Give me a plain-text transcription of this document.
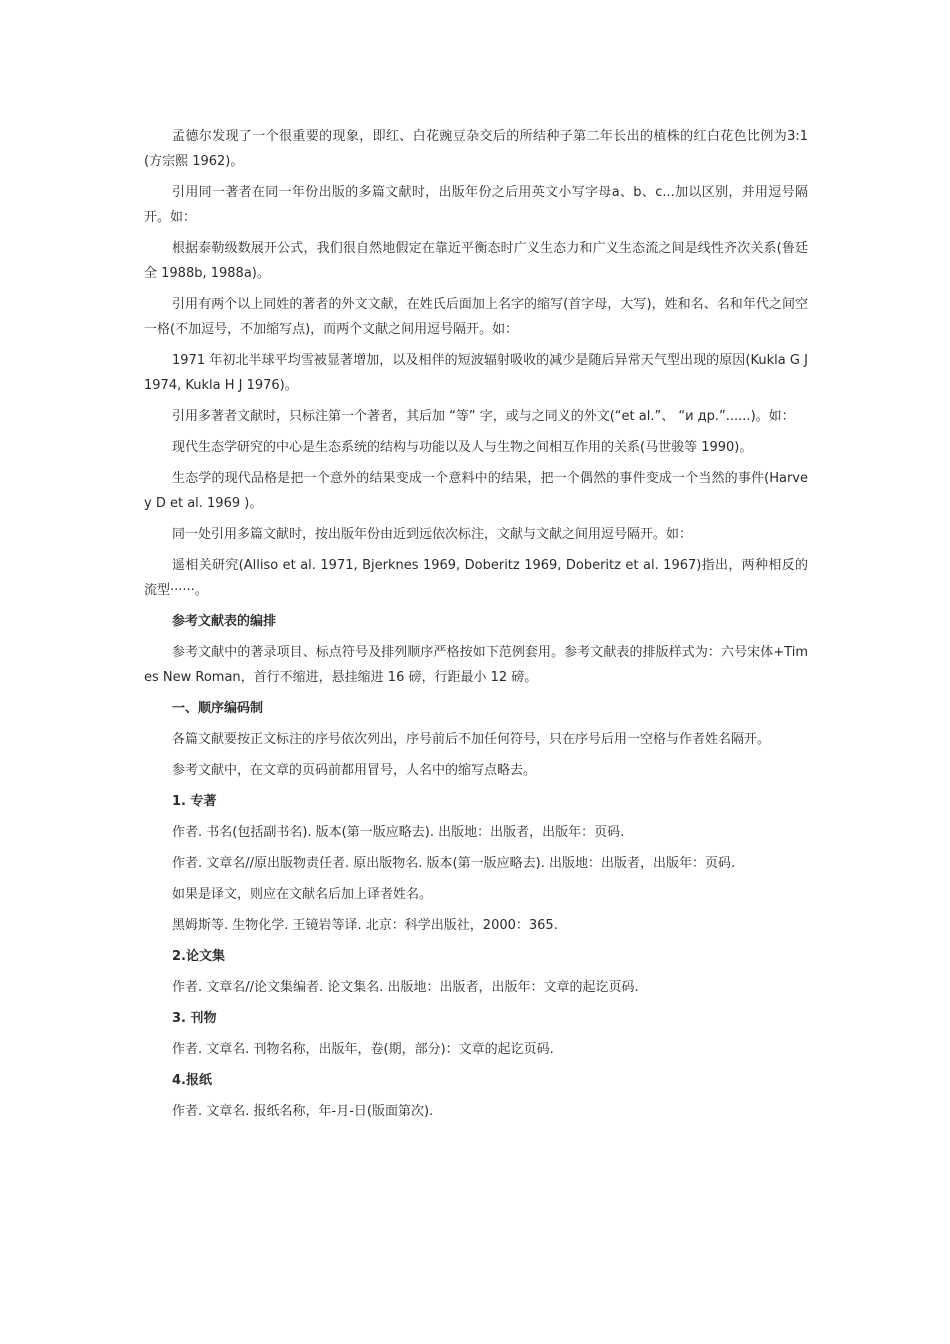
孟德尔发现了一个很重要的现象，即红、白花豌豆杂交后的所结种子第二年长出的植株的红白花色比例为3:1(方宗熙 1962)。

引用同一著者在同一年份出版的多篇文献时，出版年份之后用英文小写字母a、b、c...加以区别，并用逗号隔开。如：

根据泰勒级数展开公式，我们很自然地假定在靠近平衡态时广义生态力和广义生态流之间是线性齐次关系(鲁廷全 1988b, 1988a)。

引用有两个以上同姓的著者的外文文献，在姓氏后面加上名字的缩写(首字母，大写)，姓和名、名和年代之间空一格(不加逗号，不加缩写点)，而两个文献之间用逗号隔开。如：

1971 年初北半球平均雪被显著增加，以及相伴的短波辐射吸收的减少是随后异常天气型出现的原因(Kukla G J 1974, Kukla H J 1976)。

引用多著者文献时，只标注第一个著者，其后加 “等” 字，或与之同义的外文(“et al.”、 “и др.”......)。如：

现代生态学研究的中心是生态系统的结构与功能以及人与生物之间相互作用的关系(马世骏等 1990)。

生态学的现代品格是把一个意外的结果变成一个意料中的结果，把一个偶然的事件变成一个当然的事件(Harvey D et al. 1969 )。

同一处引用多篇文献时，按出版年份由近到远依次标注，文献与文献之间用逗号隔开。如：

遥相关研究(Alliso et al. 1971, Bjerknes 1969, Doberitz 1969, Doberitz et al. 1967)指出，两种相反的流型······。

参考文献表的编排

参考文献中的著录项目、标点符号及排列顺序严格按如下范例套用。参考文献表的排版样式为：六号宋体+Times New Roman，首行不缩进，悬挂缩进 16 磅，行距最小 12 磅。

一、顺序编码制

各篇文献要按正文标注的序号依次列出，序号前后不加任何符号，只在序号后用一空格与作者姓名隔开。

参考文献中，在文章的页码前都用冒号，人名中的缩写点略去。

1. 专著

作者. 书名(包括副书名). 版本(第一版应略去). 出版地：出版者，出版年：页码.

作者. 文章名//原出版物责任者. 原出版物名. 版本(第一版应略去). 出版地：出版者，出版年：页码.

如果是译文，则应在文献名后加上译者姓名。

黑姆斯等. 生物化学. 王镜岩等译. 北京：科学出版社，2000：365.

2.论文集

作者. 文章名//论文集编者. 论文集名. 出版地：出版者，出版年：文章的起讫页码.

3. 刊物

作者. 文章名. 刊物名称，出版年，卷(期，部分)：文章的起讫页码.

4.报纸

作者. 文章名. 报纸名称，年-月-日(版面第次).
